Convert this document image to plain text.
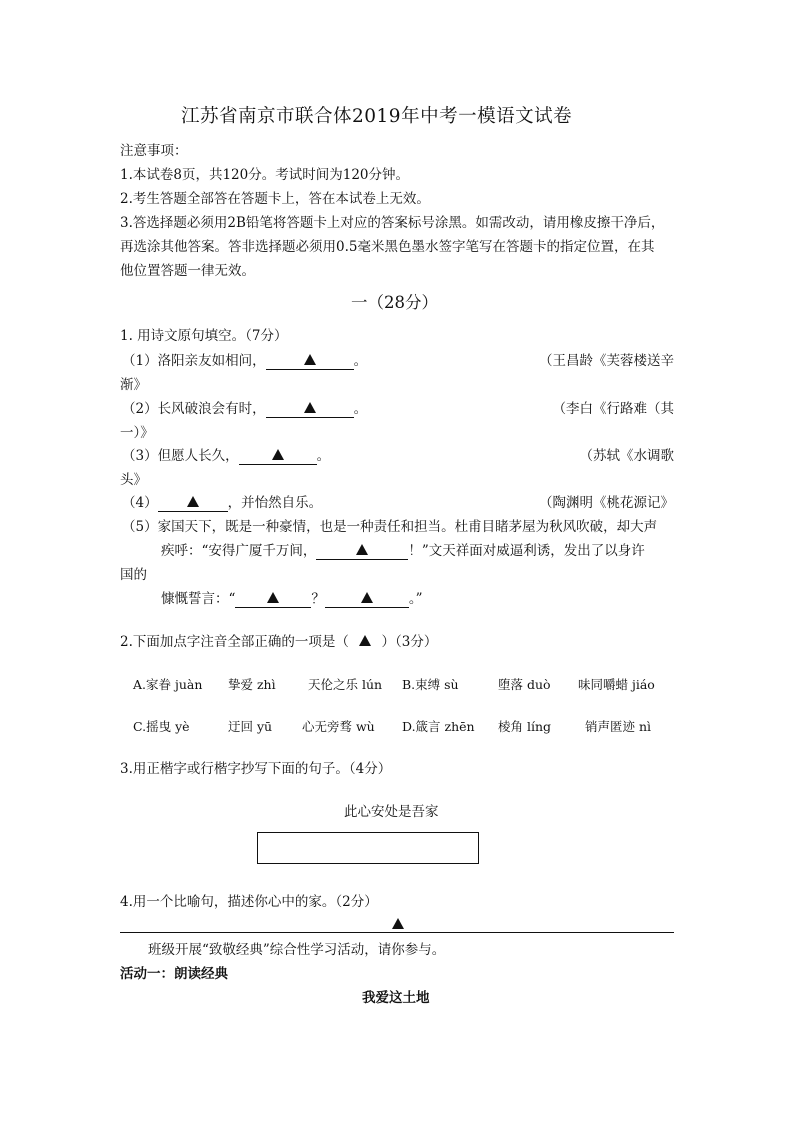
江苏省南京市联合体2019年中考一模语文试卷
注意事项：
1.本试卷8页，共120分。考试时间为120分钟。
2.考生答题全部答在答题卡上，答在本试卷上无效。
3.答选择题必须用2B铅笔将答题卡上对应的答案标号涂黑。如需改动，请用橡皮擦干净后，
再选涂其他答案。答非选择题必须用0.5毫米黑色墨水签字笔写在答题卡的指定位置，在其
他位置答题一律无效。
一（28分）
1. 用诗文原句填空。（7分）
（1）洛阳亲友如相问，	。	（王昌龄《芙蓉楼送辛
渐》
（2）长风破浪会有时，	。	（李白《行路难（其
一）》
（3）但愿人长久，	。	（苏轼《水调歌
头》
（4）	，并怡然自乐。	（陶渊明《桃花源记》
（5）家国天下，既是一种豪情，也是一种责任和担当。杜甫目睹茅屋为秋风吹破，却大声
疾呼：“安得广厦千万间，	！”文天祥面对威逼利诱，发出了以身许
国的
慷慨誓言：“	？	。”
2.下面加点字注音全部正确的一项是（ ）（3分）
A.家眷 juàn 挚爱 zhì	天伦之乐 lún B.束缚 sù	堕落 duò 味同嚼蜡 jiáo
C.摇曳 yè	迂回 yū 心无旁骛 wù D.箴言 zhēn 棱角 líng	销声匿迹 nì
3.用正楷字或行楷字抄写下面的句子。（4分）
此心安处是吾家
4.用一个比喻句，描述你心中的家。（2分）
班级开展“致敬经典”综合性学习活动，请你参与。
活动一：朗读经典
我爱这土地
